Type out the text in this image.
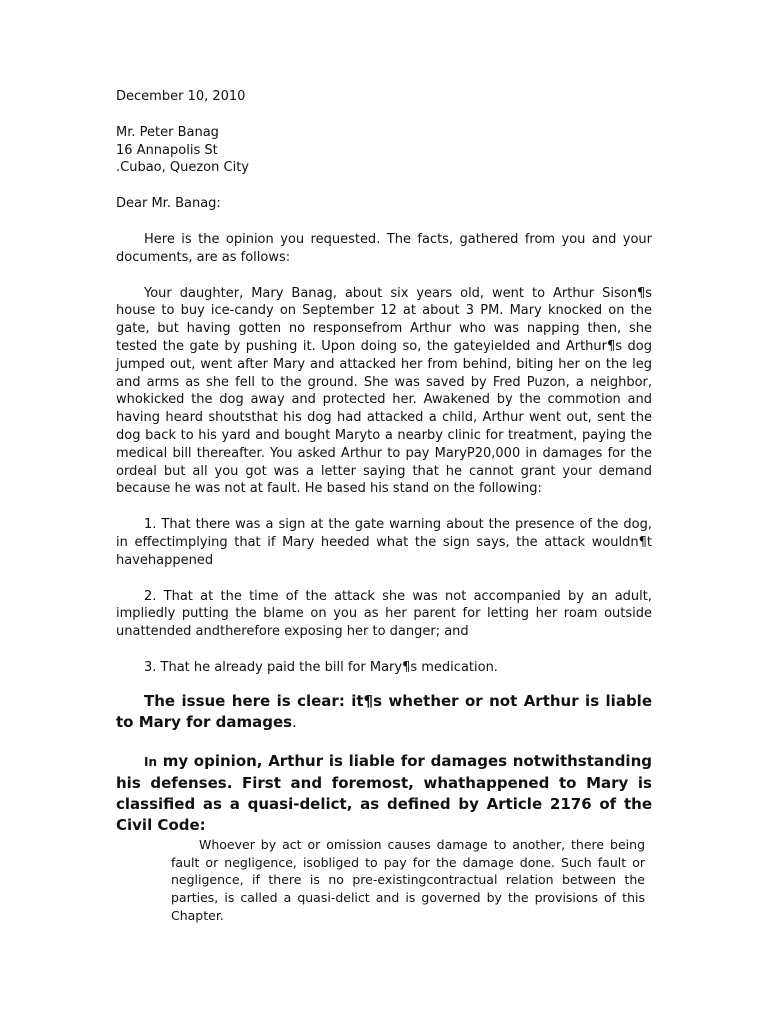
December 10, 2010
Mr. Peter Banag
16 Annapolis St
.Cubao, Quezon City
Dear Mr. Banag:

Here is the opinion you requested. The facts, gathered from you and your documents, are as follows:

Your daughter, Mary Banag, about six years old, went to Arthur Sison¶s house to buy ice-candy on September 12 at about 3 PM. Mary knocked on the gate, but having gotten no responsefrom Arthur who was napping then, she tested the gate by pushing it. Upon doing so, the gateyielded and Arthur¶s dog jumped out, went after Mary and attacked her from behind, biting her on the leg and arms as she fell to the ground. She was saved by Fred Puzon, a neighbor, whokicked the dog away and protected her. Awakened by the commotion and having heard shoutsthat his dog had attacked a child, Arthur went out, sent the dog back to his yard and bought Maryto a nearby clinic for treatment, paying the medical bill thereafter. You asked Arthur to pay MaryP20,000 in damages for the ordeal but all you got was a letter saying that he cannot grant your demand because he was not at fault. He based his stand on the following:

1. That there was a sign at the gate warning about the presence of the dog, in effectimplying that if Mary heeded what the sign says, the attack wouldn¶t havehappened

2. That at the time of the attack she was not accompanied by an adult, impliedly putting the blame on you as her parent for letting her roam outside unattended andtherefore exposing her to danger; and

3. That he already paid the bill for Mary¶s medication.

The issue here is clear: it¶s whether or not Arthur is liable to Mary for damages.

In my opinion, Arthur is liable for damages notwithstanding his defenses. First and foremost, whathappened to Mary is classified as a quasi-delict, as defined by Article 2176 of the Civil Code:

Whoever by act or omission causes damage to another, there being fault or negligence, isobliged to pay for the damage done. Such fault or negligence, if there is no pre-existingcontractual relation between the parties, is called a quasi-delict and is governed by the provisions of this Chapter.
